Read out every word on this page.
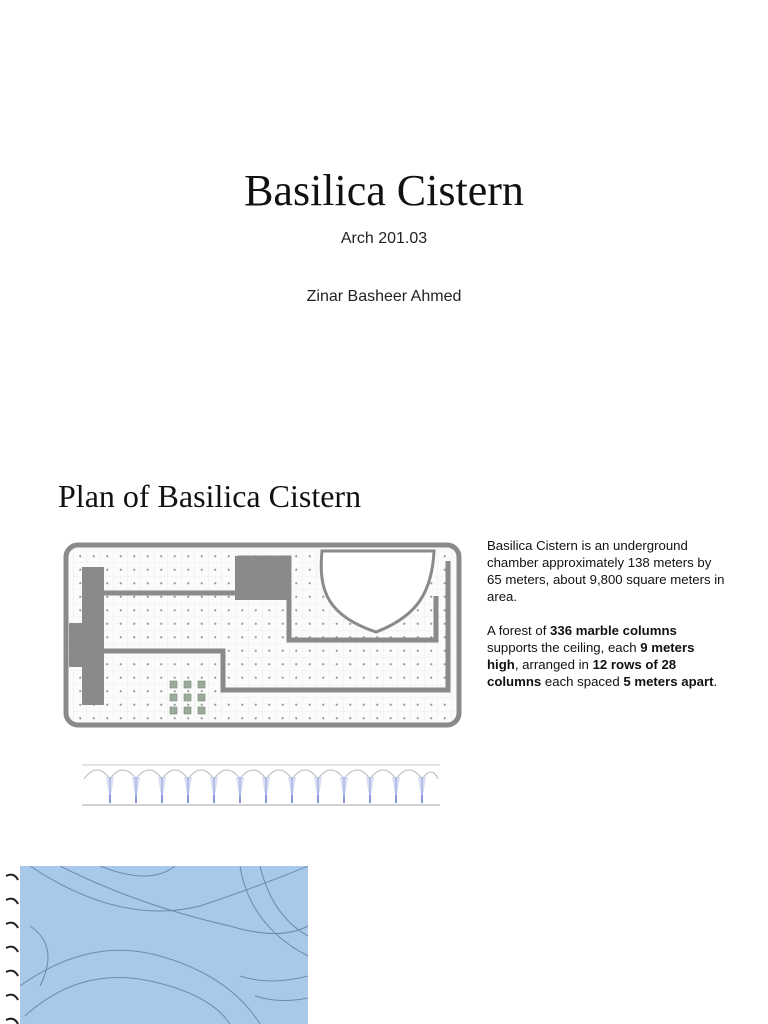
Basilica Cistern
Arch 201.03
Zinar Basheer Ahmed
Plan of Basilica Cistern

Basilica Cistern is an underground chamber approximately 138 meters by 65 meters, about 9,800 square meters in area.

A forest of 336 marble columns supports the ceiling, each 9 meters high, arranged in 12 rows of 28 columns each spaced 5 meters apart.
